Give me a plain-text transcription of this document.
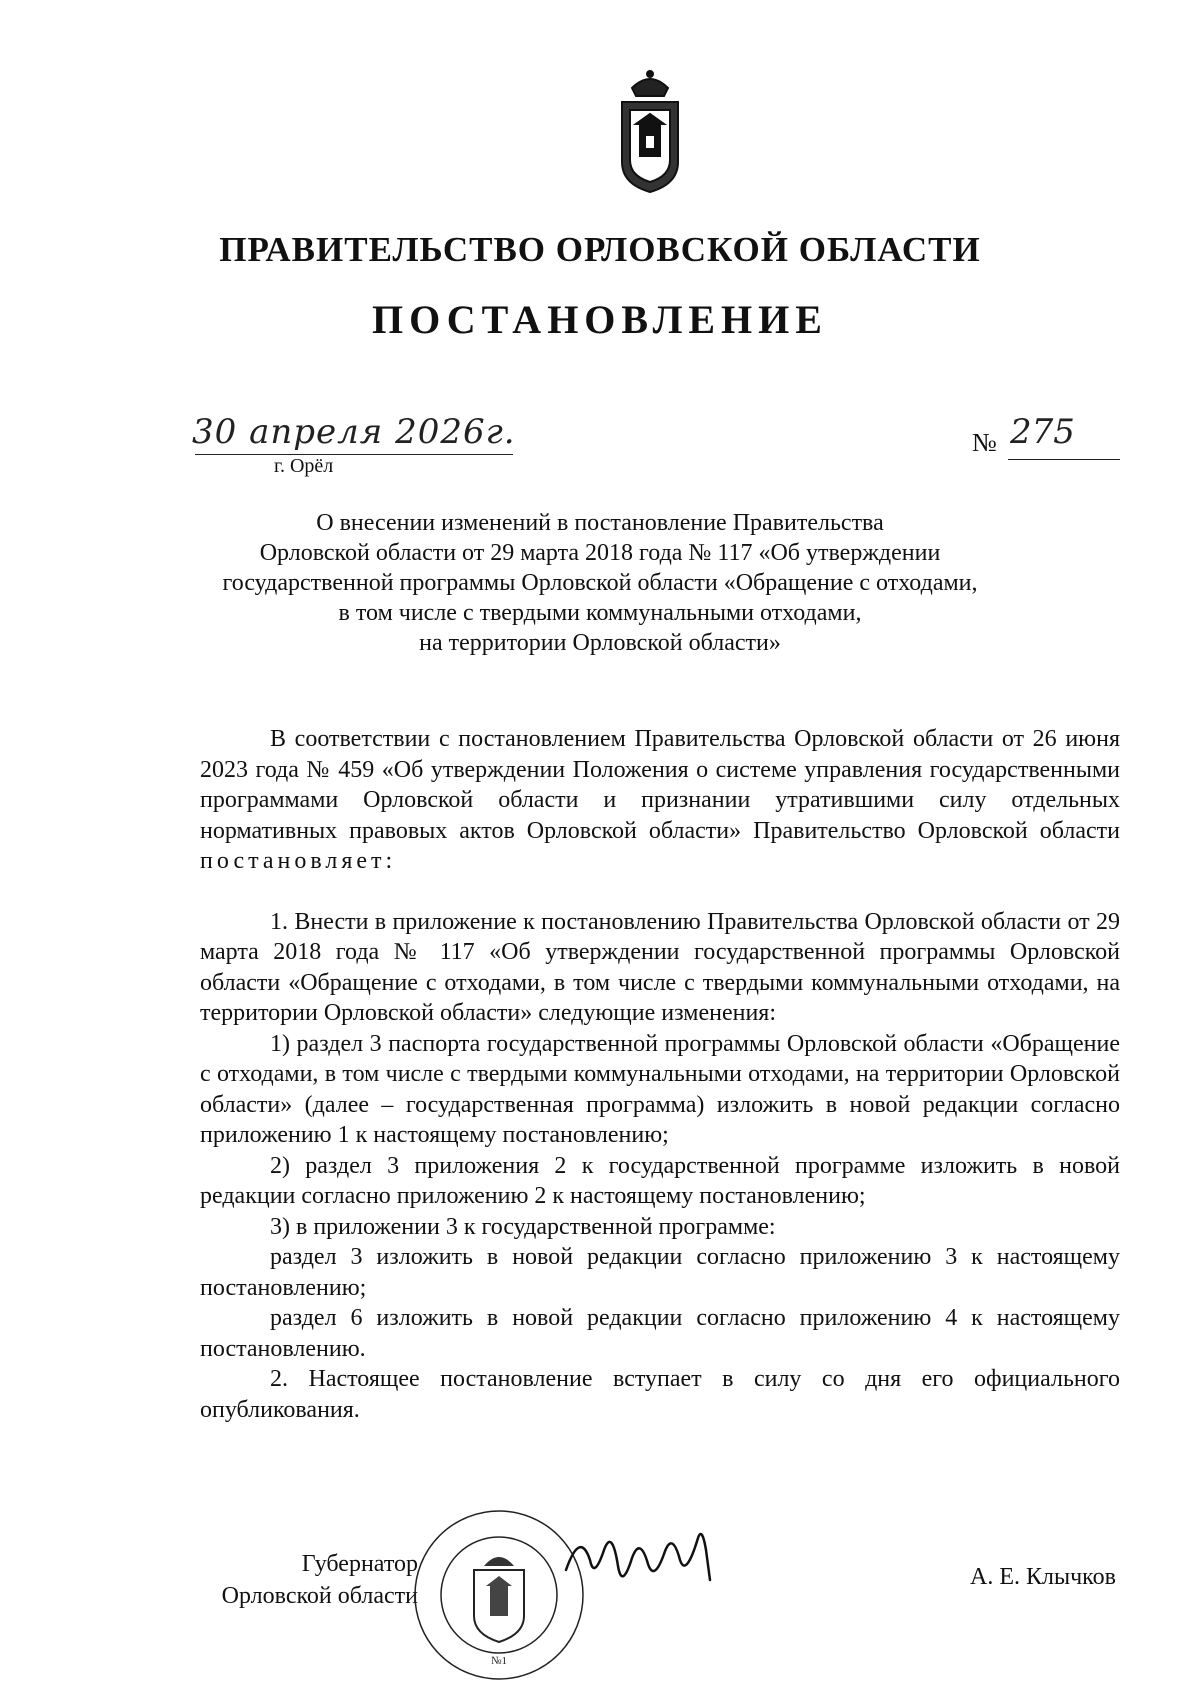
ПРАВИТЕЛЬСТВО ОРЛОВСКОЙ ОБЛАСТИ
ПОСТАНОВЛЕНИЕ
30 апреля 2026г.
г. Орёл
№ 275
О внесении изменений в постановление Правительства
Орловской области от 29 марта 2018 года № 117 «Об утверждении
государственной программы Орловской области «Обращение с отходами,
в том числе с твердыми коммунальными отходами,
на территории Орловской области»

В соответствии с постановлением Правительства Орловской области от 26 июня 2023 года № 459 «Об утверждении Положения о системе управления государственными программами Орловской области и признании утратившими силу отдельных нормативных правовых актов Орловской области» Правительство Орловской области постановляет:

1. Внести в приложение к постановлению Правительства Орловской области от 29 марта 2018 года № 117 «Об утверждении государственной программы Орловской области «Обращение с отходами, в том числе с твердыми коммунальными отходами, на территории Орловской области» следующие изменения:

1) раздел 3 паспорта государственной программы Орловской области «Обращение с отходами, в том числе с твердыми коммунальными отходами, на территории Орловской области» (далее – государственная программа) изложить в новой редакции согласно приложению 1 к настоящему постановлению;

2) раздел 3 приложения 2 к государственной программе изложить в новой редакции согласно приложению 2 к настоящему постановлению;

3) в приложении 3 к государственной программе:

раздел 3 изложить в новой редакции согласно приложению 3 к настоящему постановлению;

раздел 6 изложить в новой редакции согласно приложению 4 к настоящему постановлению.

2. Настоящее постановление вступает в силу со дня его официального опубликования.

Губернатор
Орловской области
№1
А. Е. Клычков
